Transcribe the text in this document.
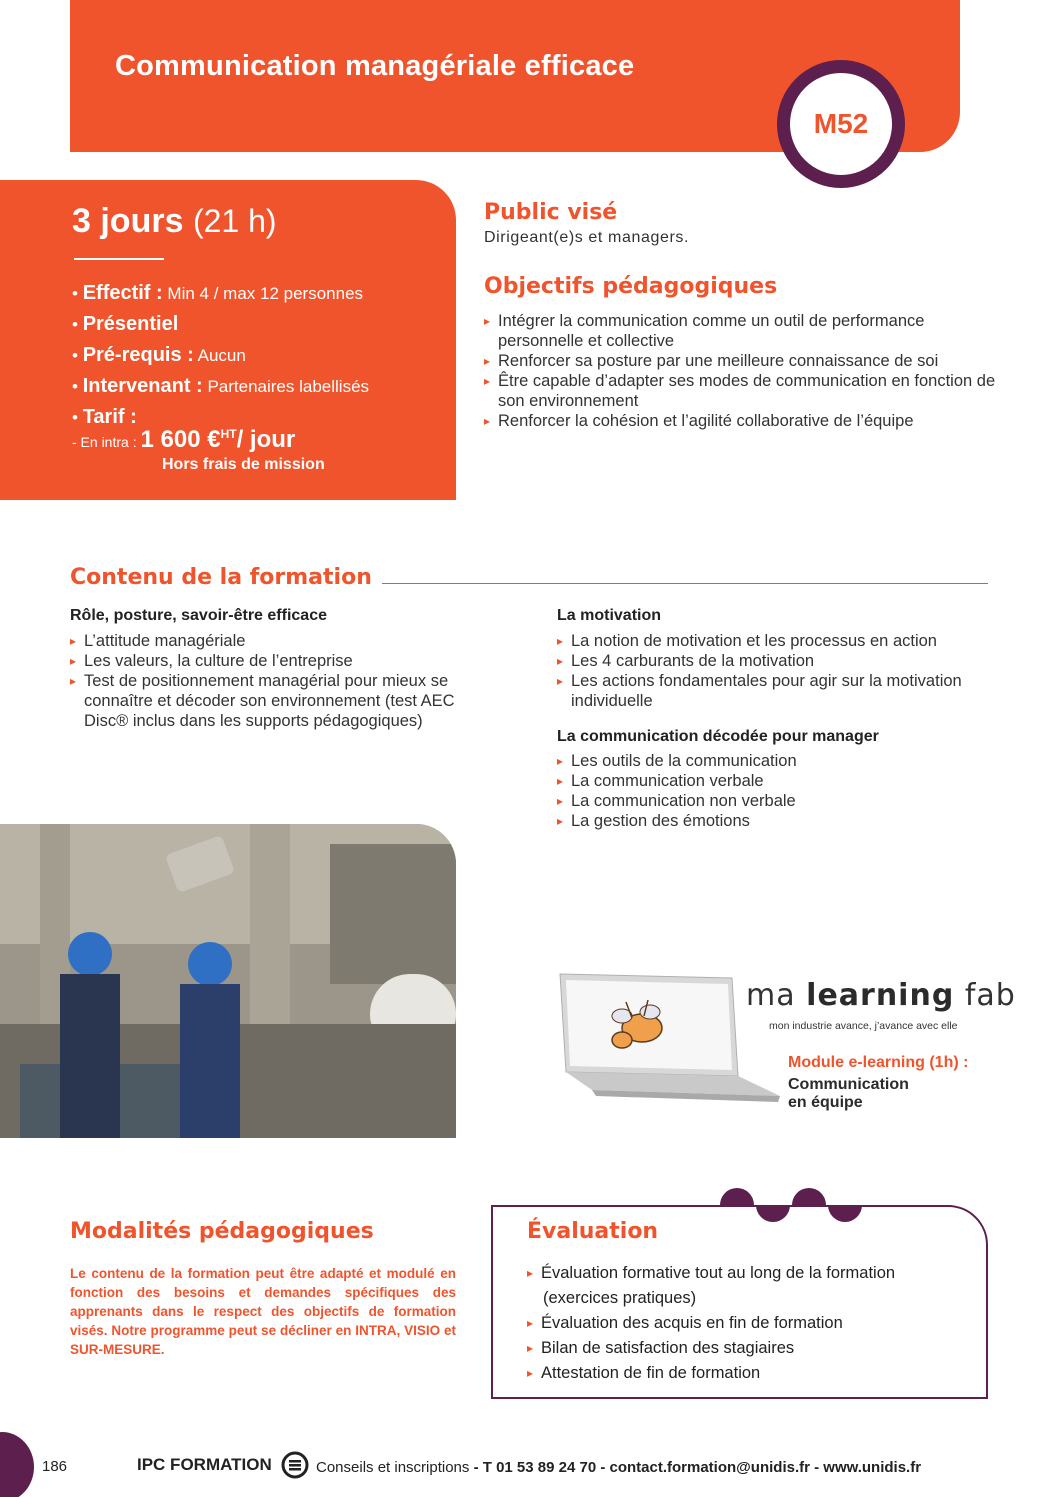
Communication managériale efficace
M52
3 jours (21 h)
• Effectif : Min 4 / max 12 personnes
• Présentiel
• Pré-requis : Aucun
• Intervenant : Partenaires labellisés
• Tarif :
- En intra : 1 600 €$^{HT}$/ jour
Hors frais de mission
Public visé

Dirigeant(e)s et managers.

Objectifs pédagogiques
▸ Intégrer la communication comme un outil de performance personnelle et collective
▸ Renforcer sa posture par une meilleure connaissance de soi
▸ Être capable d’adapter ses modes de communication en fonction de son environnement
▸ Renforcer la cohésion et l’agilité collaborative de l’équipe
Contenu de la formation
Rôle, posture, savoir-être efficace
▸ L’attitude managériale
▸ Les valeurs, la culture de l’entreprise
▸ Test de positionnement managérial pour mieux se connaître et décoder son environnement (test AEC Disc® inclus dans les supports pédagogiques)
La motivation
▸ La notion de motivation et les processus en action
▸ Les 4 carburants de la motivation
▸ Les actions fondamentales pour agir sur la motivation individuelle
La communication décodée pour manager
▸ Les outils de la communication
▸ La communication verbale
▸ La communication non verbale
▸ La gestion des émotions
ma learning fab
mon industrie avance, j’avance avec elle
Module e-learning (1h) :
Communication
en équipe
Modalités pédagogiques

Le contenu de la formation peut être adapté et modulé en fonction des besoins et demandes spécifiques des apprenants dans le respect des objectifs de formation visés. Notre programme peut se décliner en INTRA, VISIO et SUR-MESURE.

Évaluation
▸ Évaluation formative tout au long de la formation
(exercices pratiques)
▸ Évaluation des acquis en fin de formation
▸ Bilan de satisfaction des stagiaires
▸ Attestation de fin de formation
186	IPC FORMATION	Conseils et inscriptions - T 01 53 89 24 70 - contact.formation@unidis.fr - www.unidis.fr
